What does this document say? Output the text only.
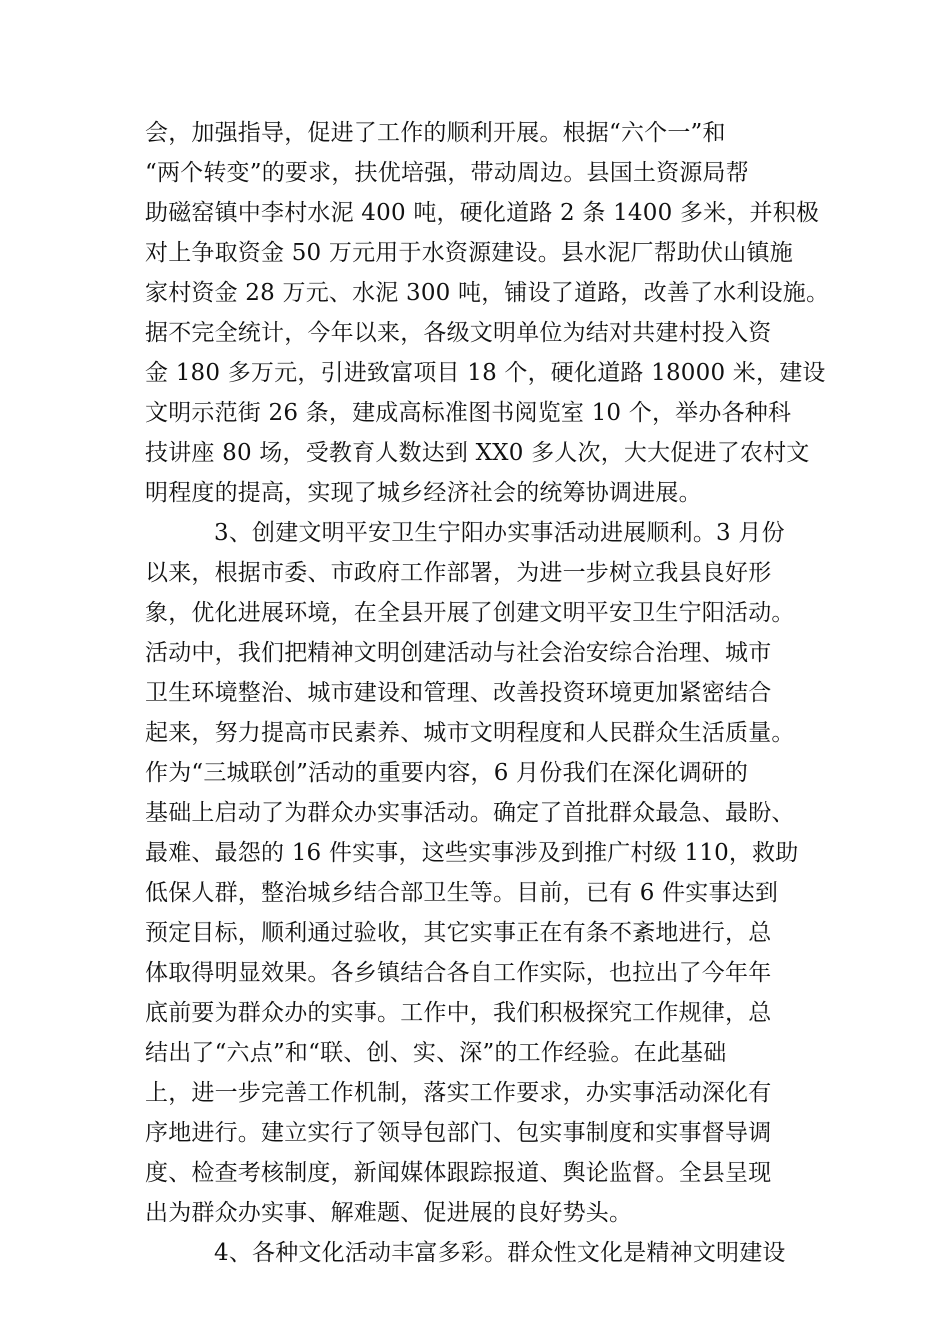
会，加强指导，促进了工作的顺利开展。根据“六个一”和
“两个转变”的要求，扶优培强，带动周边。县国土资源局帮
助磁窑镇中李村水泥 400 吨，硬化道路 2 条 1400 多米，并积极
对上争取资金 50 万元用于水资源建设。县水泥厂帮助伏山镇施
家村资金 28 万元、水泥 300 吨，铺设了道路，改善了水利设施。
据不完全统计，今年以来，各级文明单位为结对共建村投入资
金 180 多万元，引进致富项目 18 个，硬化道路 18000 米，建设
文明示范街 26 条，建成高标准图书阅览室 10 个，举办各种科
技讲座 80 场，受教育人数达到 XX0 多人次，大大促进了农村文
明程度的提高，实现了城乡经济社会的统筹协调进展。
3、创建文明平安卫生宁阳办实事活动进展顺利。3 月份
以来，根据市委、市政府工作部署，为进一步树立我县良好形
象，优化进展环境，在全县开展了创建文明平安卫生宁阳活动。
活动中，我们把精神文明创建活动与社会治安综合治理、城市
卫生环境整治、城市建设和管理、改善投资环境更加紧密结合
起来，努力提高市民素养、城市文明程度和人民群众生活质量。
作为“三城联创”活动的重要内容，6 月份我们在深化调研的
基础上启动了为群众办实事活动。确定了首批群众最急、最盼、
最难、最怨的 16 件实事，这些实事涉及到推广村级 110，救助
低保人群，整治城乡结合部卫生等。目前，已有 6 件实事达到
预定目标，顺利通过验收，其它实事正在有条不紊地进行，总
体取得明显效果。各乡镇结合各自工作实际，也拉出了今年年
底前要为群众办的实事。工作中，我们积极探究工作规律，总
结出了“六点”和“联、创、实、深”的工作经验。在此基础
上，进一步完善工作机制，落实工作要求，办实事活动深化有
序地进行。建立实行了领导包部门、包实事制度和实事督导调
度、检查考核制度，新闻媒体跟踪报道、舆论监督。全县呈现
出为群众办实事、解难题、促进展的良好势头。
4、各种文化活动丰富多彩。群众性文化是精神文明建设
